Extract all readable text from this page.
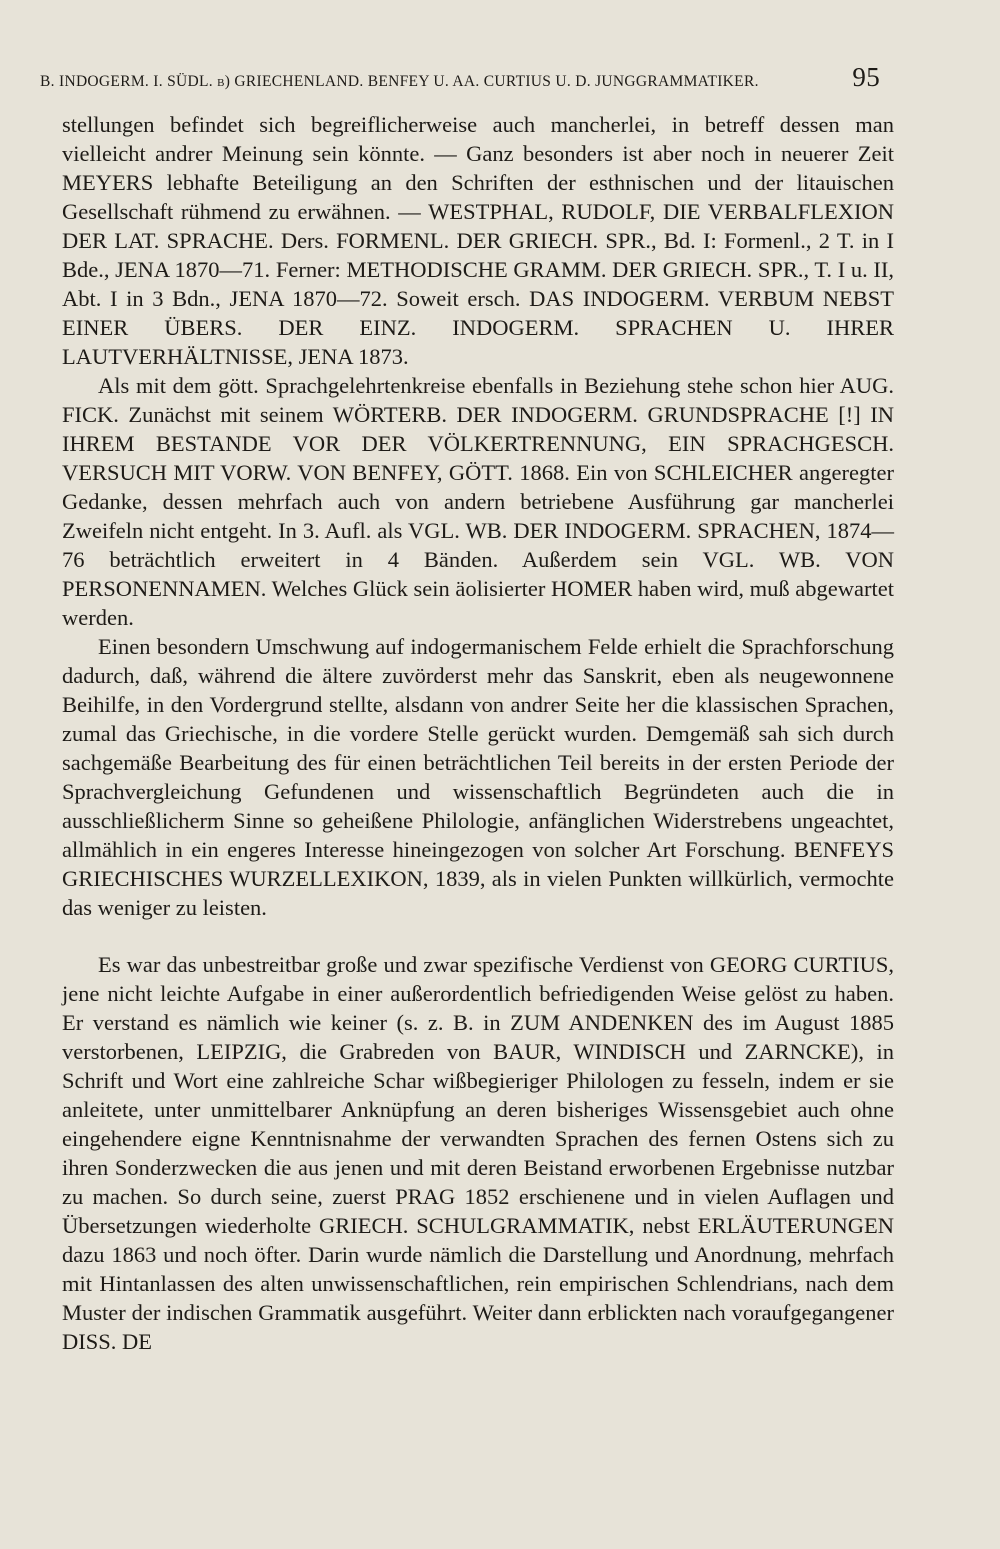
B. INDOGERM. I. SÜDL. b) GRIECHENLAND. BENFEY U. AA. CURTIUS U. D. JUNGGRAMMATIKER.	95

stellungen befindet sich begreiflicherweise auch mancherlei, in betreff dessen man vielleicht andrer Meinung sein könnte. — Ganz besonders ist aber noch in neuerer Zeit MEYERS lebhafte Beteiligung an den Schriften der esthnischen und der litauischen Gesellschaft rühmend zu erwähnen. — WESTPHAL, RUDOLF, DIE VERBALFLEXION DER LAT. SPRACHE. Ders. FORMENL. DER GRIECH. SPR., Bd. I: Formenl., 2 T. in I Bde., JENA 1870—71. Ferner: METHODISCHE GRAMM. DER GRIECH. SPR., T. I u. II, Abt. I in 3 Bdn., JENA 1870—72. Soweit ersch. DAS INDOGERM. VERBUM NEBST EINER ÜBERS. DER EINZ. INDOGERM. SPRACHEN U. IHRER LAUTVERHÄLTNISSE, JENA 1873.

Als mit dem gött. Sprachgelehrtenkreise ebenfalls in Beziehung stehe schon hier AUG. FICK. Zunächst mit seinem WÖRTERB. DER INDOGERM. GRUNDSPRACHE [!] IN IHREM BESTANDE VOR DER VÖLKERTRENNUNG, EIN SPRACHGESCH. VERSUCH MIT VORW. VON BENFEY, GÖTT. 1868. Ein von SCHLEICHER angeregter Gedanke, dessen mehrfach auch von andern betriebene Ausführung gar mancherlei Zweifeln nicht entgeht. In 3. Aufl. als VGL. WB. DER INDOGERM. SPRACHEN, 1874—76 beträchtlich erweitert in 4 Bänden. Außerdem sein VGL. WB. VON PERSONENNAMEN. Welches Glück sein äolisierter HOMER haben wird, muß abgewartet werden.

Einen besondern Umschwung auf indogermanischem Felde erhielt die Sprachforschung dadurch, daß, während die ältere zuvörderst mehr das Sanskrit, eben als neugewonnene Beihilfe, in den Vordergrund stellte, alsdann von andrer Seite her die klassischen Sprachen, zumal das Griechische, in die vordere Stelle gerückt wurden. Demgemäß sah sich durch sachgemäße Bearbeitung des für einen beträchtlichen Teil bereits in der ersten Periode der Sprachvergleichung Gefundenen und wissenschaftlich Begründeten auch die in ausschließlicherm Sinne so geheißene Philologie, anfänglichen Widerstrebens ungeachtet, allmählich in ein engeres Interesse hineingezogen von solcher Art Forschung. BENFEYS GRIECHISCHES WURZELLEXIKON, 1839, als in vielen Punkten willkürlich, vermochte das weniger zu leisten.

Es war das unbestreitbar große und zwar spezifische Verdienst von GEORG CURTIUS, jene nicht leichte Aufgabe in einer außerordentlich befriedigenden Weise gelöst zu haben. Er verstand es nämlich wie keiner (s. z. B. in ZUM ANDENKEN des im August 1885 verstorbenen, LEIPZIG, die Grabreden von BAUR, WINDISCH und ZARNCKE), in Schrift und Wort eine zahlreiche Schar wißbegieriger Philologen zu fesseln, indem er sie anleitete, unter unmittelbarer Anknüpfung an deren bisheriges Wissensgebiet auch ohne eingehendere eigne Kenntnisnahme der verwandten Sprachen des fernen Ostens sich zu ihren Sonderzwecken die aus jenen und mit deren Beistand erworbenen Ergebnisse nutzbar zu machen. So durch seine, zuerst PRAG 1852 erschienene und in vielen Auflagen und Übersetzungen wiederholte GRIECH. SCHULGRAMMATIK, nebst ERLÄUTERUNGEN dazu 1863 und noch öfter. Darin wurde nämlich die Darstellung und Anordnung, mehrfach mit Hintanlassen des alten unwissenschaftlichen, rein empirischen Schlendrians, nach dem Muster der indischen Grammatik ausgeführt. Weiter dann erblickten nach voraufgegangener DISS. DE
